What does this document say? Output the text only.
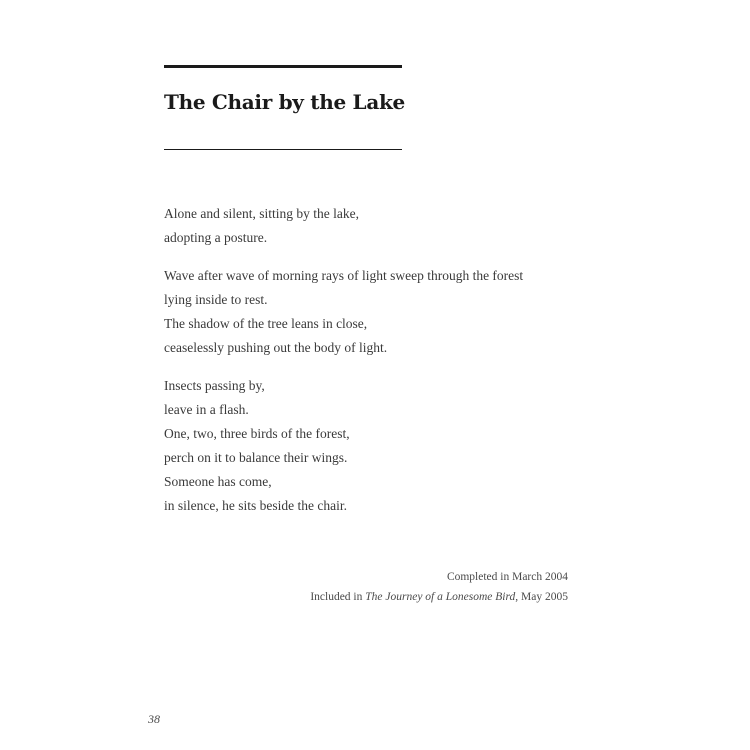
The Chair by the Lake
Alone and silent, sitting by the lake,
adopting a posture.
Wave after wave of morning rays of light sweep through the forest
lying inside to rest.
The shadow of the tree leans in close,
ceaselessly pushing out the body of light.
Insects passing by,
leave in a flash.
One, two, three birds of the forest,
perch on it to balance their wings.
Someone has come,
in silence, he sits beside the chair.
Completed in March 2004
Included in The Journey of a Lonesome Bird, May 2005
38
